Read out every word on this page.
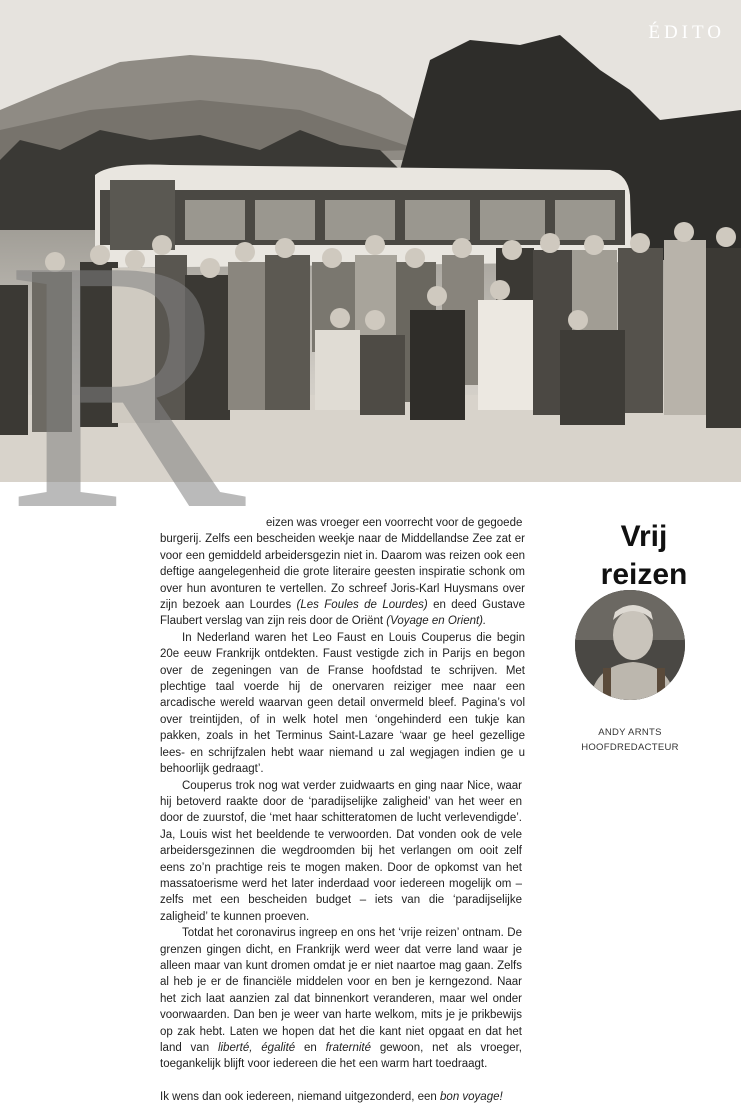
ÉDITO
R	eizen was vroeger een voorrecht voor de gegoede

burgerij. Zelfs een bescheiden weekje naar de Middellandse Zee zat er voor een gemiddeld arbeidersgezin niet in. Daarom was reizen ook een deftige aangelegenheid die grote literaire geesten inspiratie schonk om over hun avonturen te vertellen. Zo schreef Joris-Karl Huysmans over zijn bezoek aan Lourdes (Les Foules de Lourdes) en deed Gustave Flaubert verslag van zijn reis door de Oriënt (Voyage en Orient).

In Nederland waren het Leo Faust en Louis Couperus die begin 20e eeuw Frankrijk ontdekten. Faust vestigde zich in Parijs en begon over de zegeningen van de Franse hoofdstad te schrijven. Met plechtige taal voerde hij de onervaren reiziger mee naar een arcadische wereld waarvan geen detail onvermeld bleef. Pagina’s vol over treintijden, of in welk hotel men ‘ongehinderd een tukje kan pakken, zoals in het Terminus Saint-Lazare ‘waar ge heel gezellige lees- en schrijfzalen hebt waar niemand u zal wegjagen indien ge u behoorlijk gedraagt’.

Couperus trok nog wat verder zuidwaarts en ging naar Nice, waar hij betoverd raakte door de ‘paradijselijke zaligheid’ van het weer en door de zuurstof, die ‘met haar schitteratomen de lucht verlevendigde’. Ja, Louis wist het beeldende te verwoorden. Dat vonden ook de vele arbeidersgezinnen die wegdroomden bij het verlangen om ooit zelf eens zo’n prachtige reis te mogen maken. Door de opkomst van het massatoerisme werd het later inderdaad voor iedereen mogelijk om – zelfs met een bescheiden budget – iets van die ‘paradijselijke zaligheid’ te kunnen proeven.

Totdat het coronavirus ingreep en ons het ‘vrije reizen’ ontnam. De grenzen gingen dicht, en Frankrijk werd weer dat verre land waar je alleen maar van kunt dromen omdat je er niet naartoe mag gaan. Zelfs al heb je er de financiële middelen voor en ben je kerngezond. Naar het zich laat aanzien zal dat binnenkort veranderen, maar wel onder voorwaarden. Dan ben je weer van harte welkom, mits je je prikbewijs op zak hebt. Laten we hopen dat het die kant niet opgaat en dat het land van liberté, égalité en fraternité gewoon, net als vroeger, toegankelijk blijft voor iedereen die het een warm hart toedraagt.

Ik wens dan ook iedereen, niemand uitgezonderd, een bon voyage!

Vrij reizen
ANDY ARNTS
HOOFDREDACTEUR
